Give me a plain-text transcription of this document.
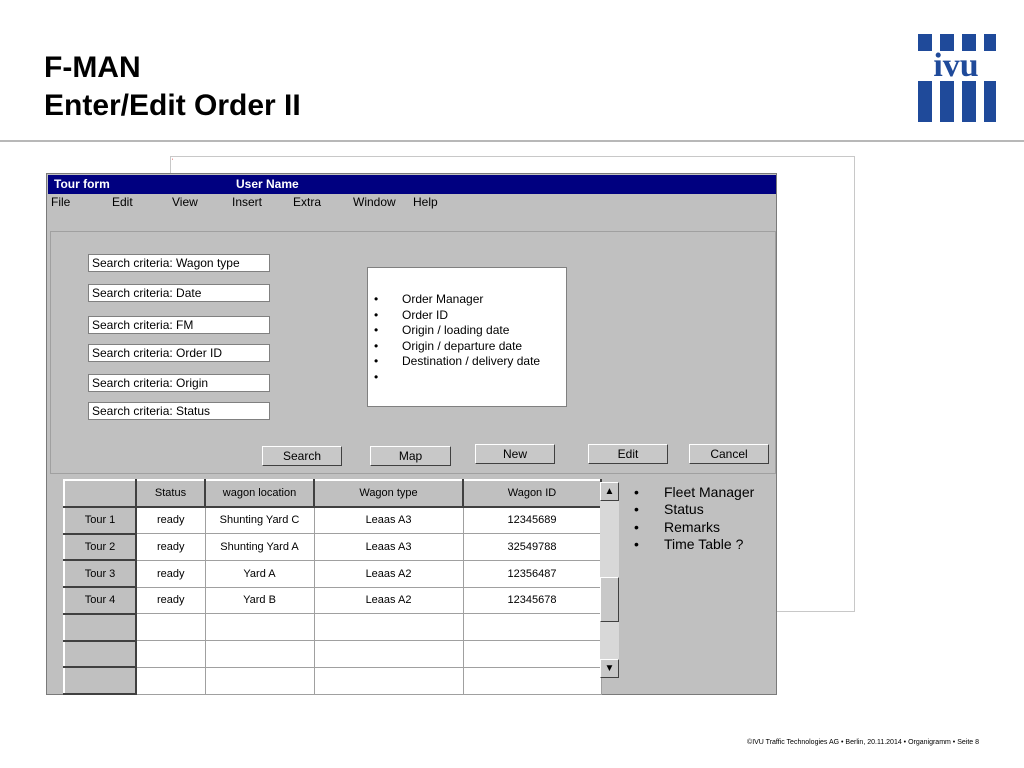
F-MAN
Enter/Edit Order II
ivu
▪
Tour form	User Name
File	Edit	View	Insert	Extra	Window Help
Search criteria: Wagon type
Search criteria: Date
Search criteria: FM
Search criteria: Order ID
Search criteria: Origin
Search criteria: Status
• Order Manager
• Order ID
• Origin / loading date
• Origin / departure date
• Destination / delivery date
•
Search	Map	New	Edit	Cancel
	Status	wagon location	Wagon type	Wagon ID
Tour 1	ready	Shunting Yard C	Leaas A3	12345689
Tour 2	ready	Shunting Yard A	Leaas A3	32549788
Tour 3	ready	Yard A	Leaas A2	12356487
Tour 4	ready	Yard B	Leaas A2	12345678

▲
▼
• Fleet Manager
• Status
• Remarks
• Time Table ?
©IVU Traffic Technologies AG • Berlin, 20.11.2014 • Organigramm • Seite 8
